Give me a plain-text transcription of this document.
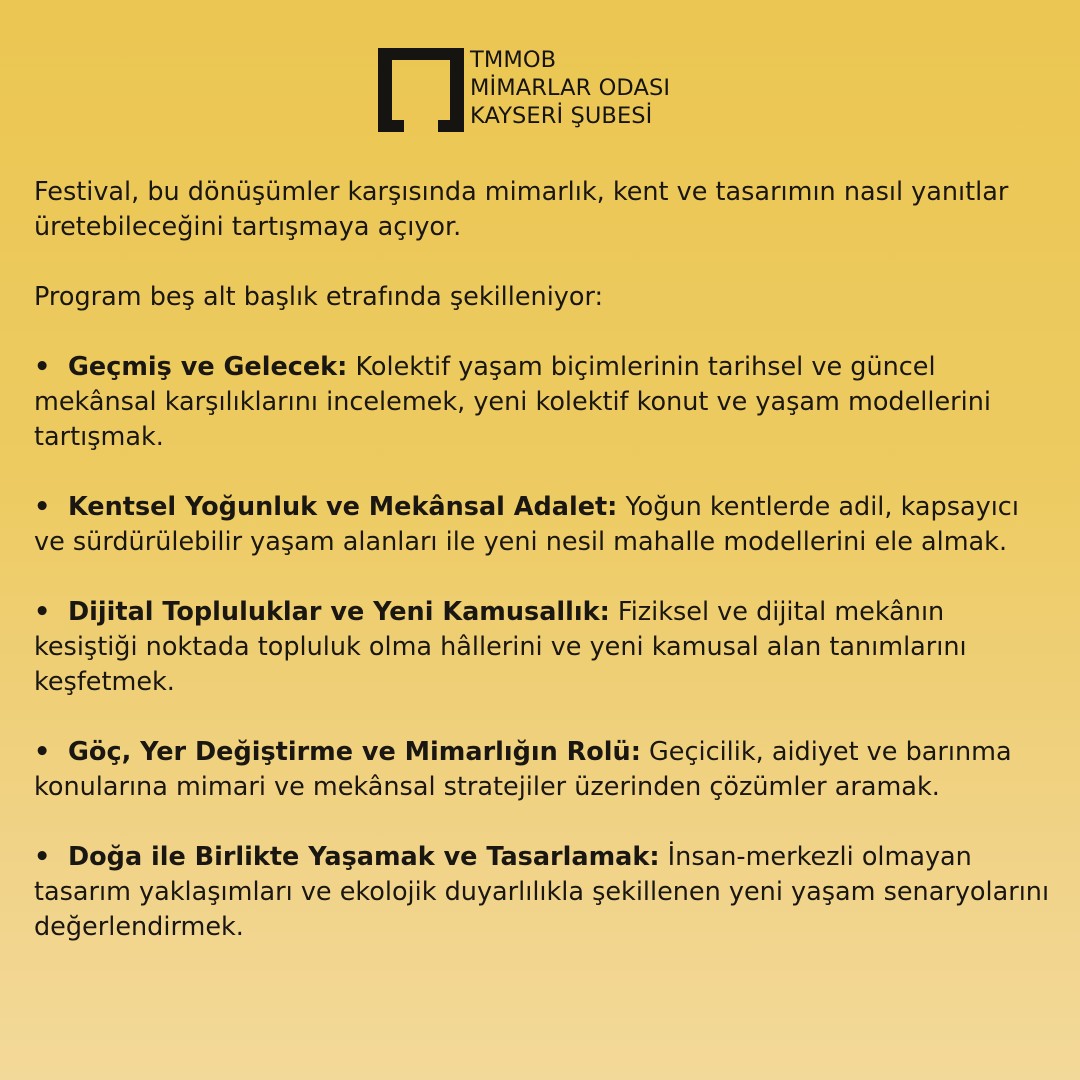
TMMOB
MİMARLAR ODASI
KAYSERİ ŞUBESİ

Festival, bu dönüşümler karşısında mimarlık, kent ve tasarımın nasıl yanıtlar üretebileceğini tartışmaya açıyor.

Program beş alt başlık etrafında şekilleniyor:

• Geçmiş ve Gelecek: Kolektif yaşam biçimlerinin tarihsel ve güncel mekânsal karşılıklarını incelemek, yeni kolektif konut ve yaşam modellerini tartışmak.
• Kentsel Yoğunluk ve Mekânsal Adalet: Yoğun kentlerde adil, kapsayıcı ve sürdürülebilir yaşam alanları ile yeni nesil mahalle modellerini ele almak.
• Dijital Topluluklar ve Yeni Kamusallık: Fiziksel ve dijital mekânın kesiştiği noktada topluluk olma hâllerini ve yeni kamusal alan tanımlarını keşfetmek.
• Göç, Yer Değiştirme ve Mimarlığın Rolü: Geçicilik, aidiyet ve barınma konularına mimari ve mekânsal stratejiler üzerinden çözümler aramak.
• Doğa ile Birlikte Yaşamak ve Tasarlamak: İnsan-merkezli olmayan tasarım yaklaşımları ve ekolojik duyarlılıkla şekillenen yeni yaşam senaryolarını değerlendirmek.
